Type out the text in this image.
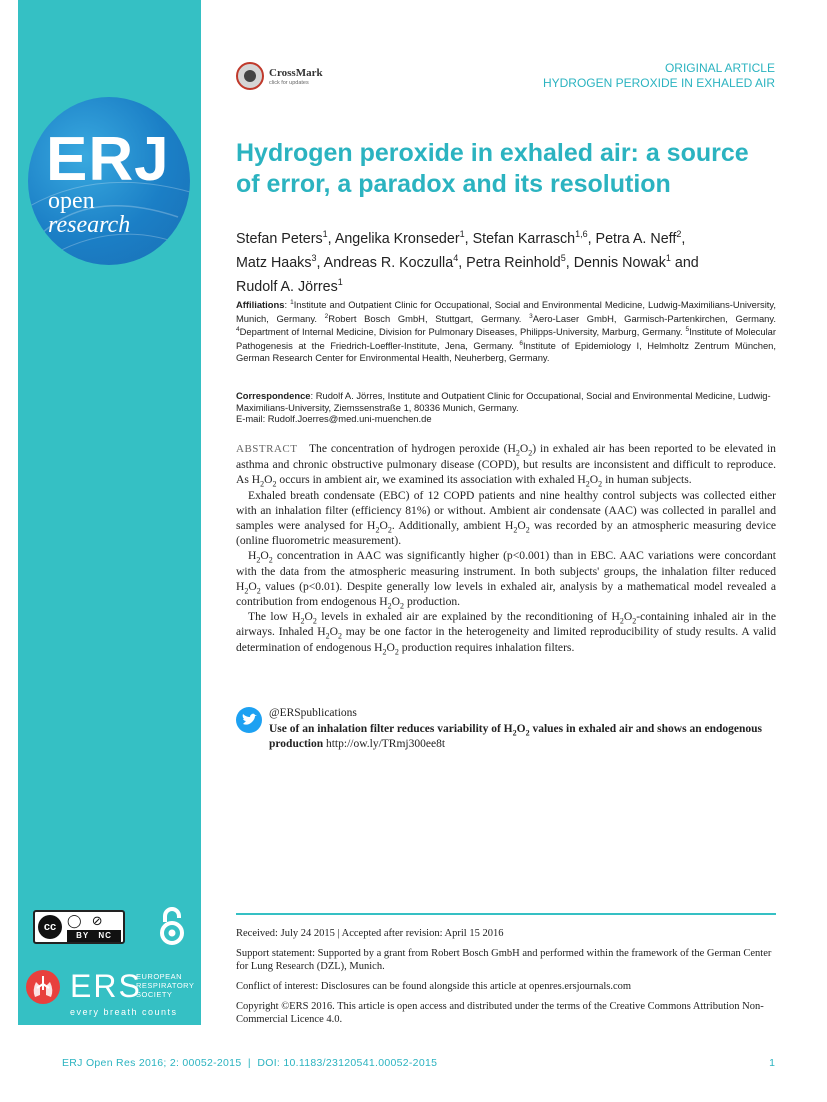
ERJ
open
research
cc ◯ ⊘
BY NC
ERS
EUROPEAN
RESPIRATORY
SOCIETY
every breath counts
CrossMark
click for updates
ORIGINAL ARTICLE
HYDROGEN PEROXIDE IN EXHALED AIR
Hydrogen peroxide in exhaled air: a source
of error, a paradox and its resolution
Stefan Peters$^1$, Angelika Kronseder$^1$, Stefan Karrasch$^{1,6}$, Petra A. Neff$^2$,
Matz Haaks$^3$, Andreas R. Koczulla$^4$, Petra Reinhold$^5$, Dennis Nowak$^1$ and
Rudolf A. Jörres$^1$
Affiliations: $^1$Institute and Outpatient Clinic for Occupational, Social and Environmental Medicine, Ludwig-Maximilians-University, Munich, Germany. $^2$Robert Bosch GmbH, Stuttgart, Germany. $^3$Aero-Laser GmbH, Garmisch-Partenkirchen, Germany. $^4$Department of Internal Medicine, Division for Pulmonary Diseases, Philipps-University, Marburg, Germany. $^5$Institute of Molecular Pathogenesis at the Friedrich-Loeffler-Institute, Jena, Germany. $^6$Institute of Epidemiology I, Helmholtz Zentrum München, German Research Center for Environmental Health, Neuherberg, Germany.
Correspondence: Rudolf A. Jörres, Institute and Outpatient Clinic for Occupational, Social and Environmental Medicine, Ludwig-Maximilians-University, Ziemssenstraße 1, 80336 Munich, Germany.
E-mail: Rudolf.Joerres@med.uni-muenchen.de

ABSTRACT The concentration of hydrogen peroxide $(H_2O_2)$ in exhaled air has been reported to be elevated in asthma and chronic obstructive pulmonary disease (COPD), but results are inconsistent and difficult to reproduce. As $H_2O_2$ occurs in ambient air, we examined its association with exhaled $H_2O_2$ in human subjects.

Exhaled breath condensate (EBC) of 12 COPD patients and nine healthy control subjects was collected either with an inhalation filter (efficiency 81%) or without. Ambient air condensate (AAC) was collected in parallel and samples were analysed for $H_2O_2$. Additionally, ambient $H_2O_2$ was recorded by an atmospheric measuring device (online fluorometric measurement).

$H_2O_2$ concentration in AAC was significantly higher (p<0.001) than in EBC. AAC variations were concordant with the data from the atmospheric measuring instrument. In both subjects' groups, the inhalation filter reduced $H_2O_2$ values (p<0.01). Despite generally low levels in exhaled air, analysis by a mathematical model revealed a contribution from endogenous $H_2O_2$ production.

The low $H_2O_2$ levels in exhaled air are explained by the reconditioning of $H_2O_2$-containing inhaled air in the airways. Inhaled $H_2O_2$ may be one factor in the heterogeneity and limited reproducibility of study results. A valid determination of endogenous $H_2O_2$ production requires inhalation filters.

@ERSpublications
Use of an inhalation filter reduces variability of $H_2O_2$ values in exhaled air and shows an endogenous production http://ow.ly/TRmj300ee8t

Received: July 24 2015 | Accepted after revision: April 15 2016

Support statement: Supported by a grant from Robert Bosch GmbH and performed within the framework of the German Center for Lung Research (DZL), Munich.

Conflict of interest: Disclosures can be found alongside this article at openres.ersjournals.com

Copyright ©ERS 2016. This article is open access and distributed under the terms of the Creative Commons Attribution Non-Commercial Licence 4.0.

ERJ Open Res 2016; 2: 00052-2015  |  DOI: 10.1183/23120541.00052-2015	1
